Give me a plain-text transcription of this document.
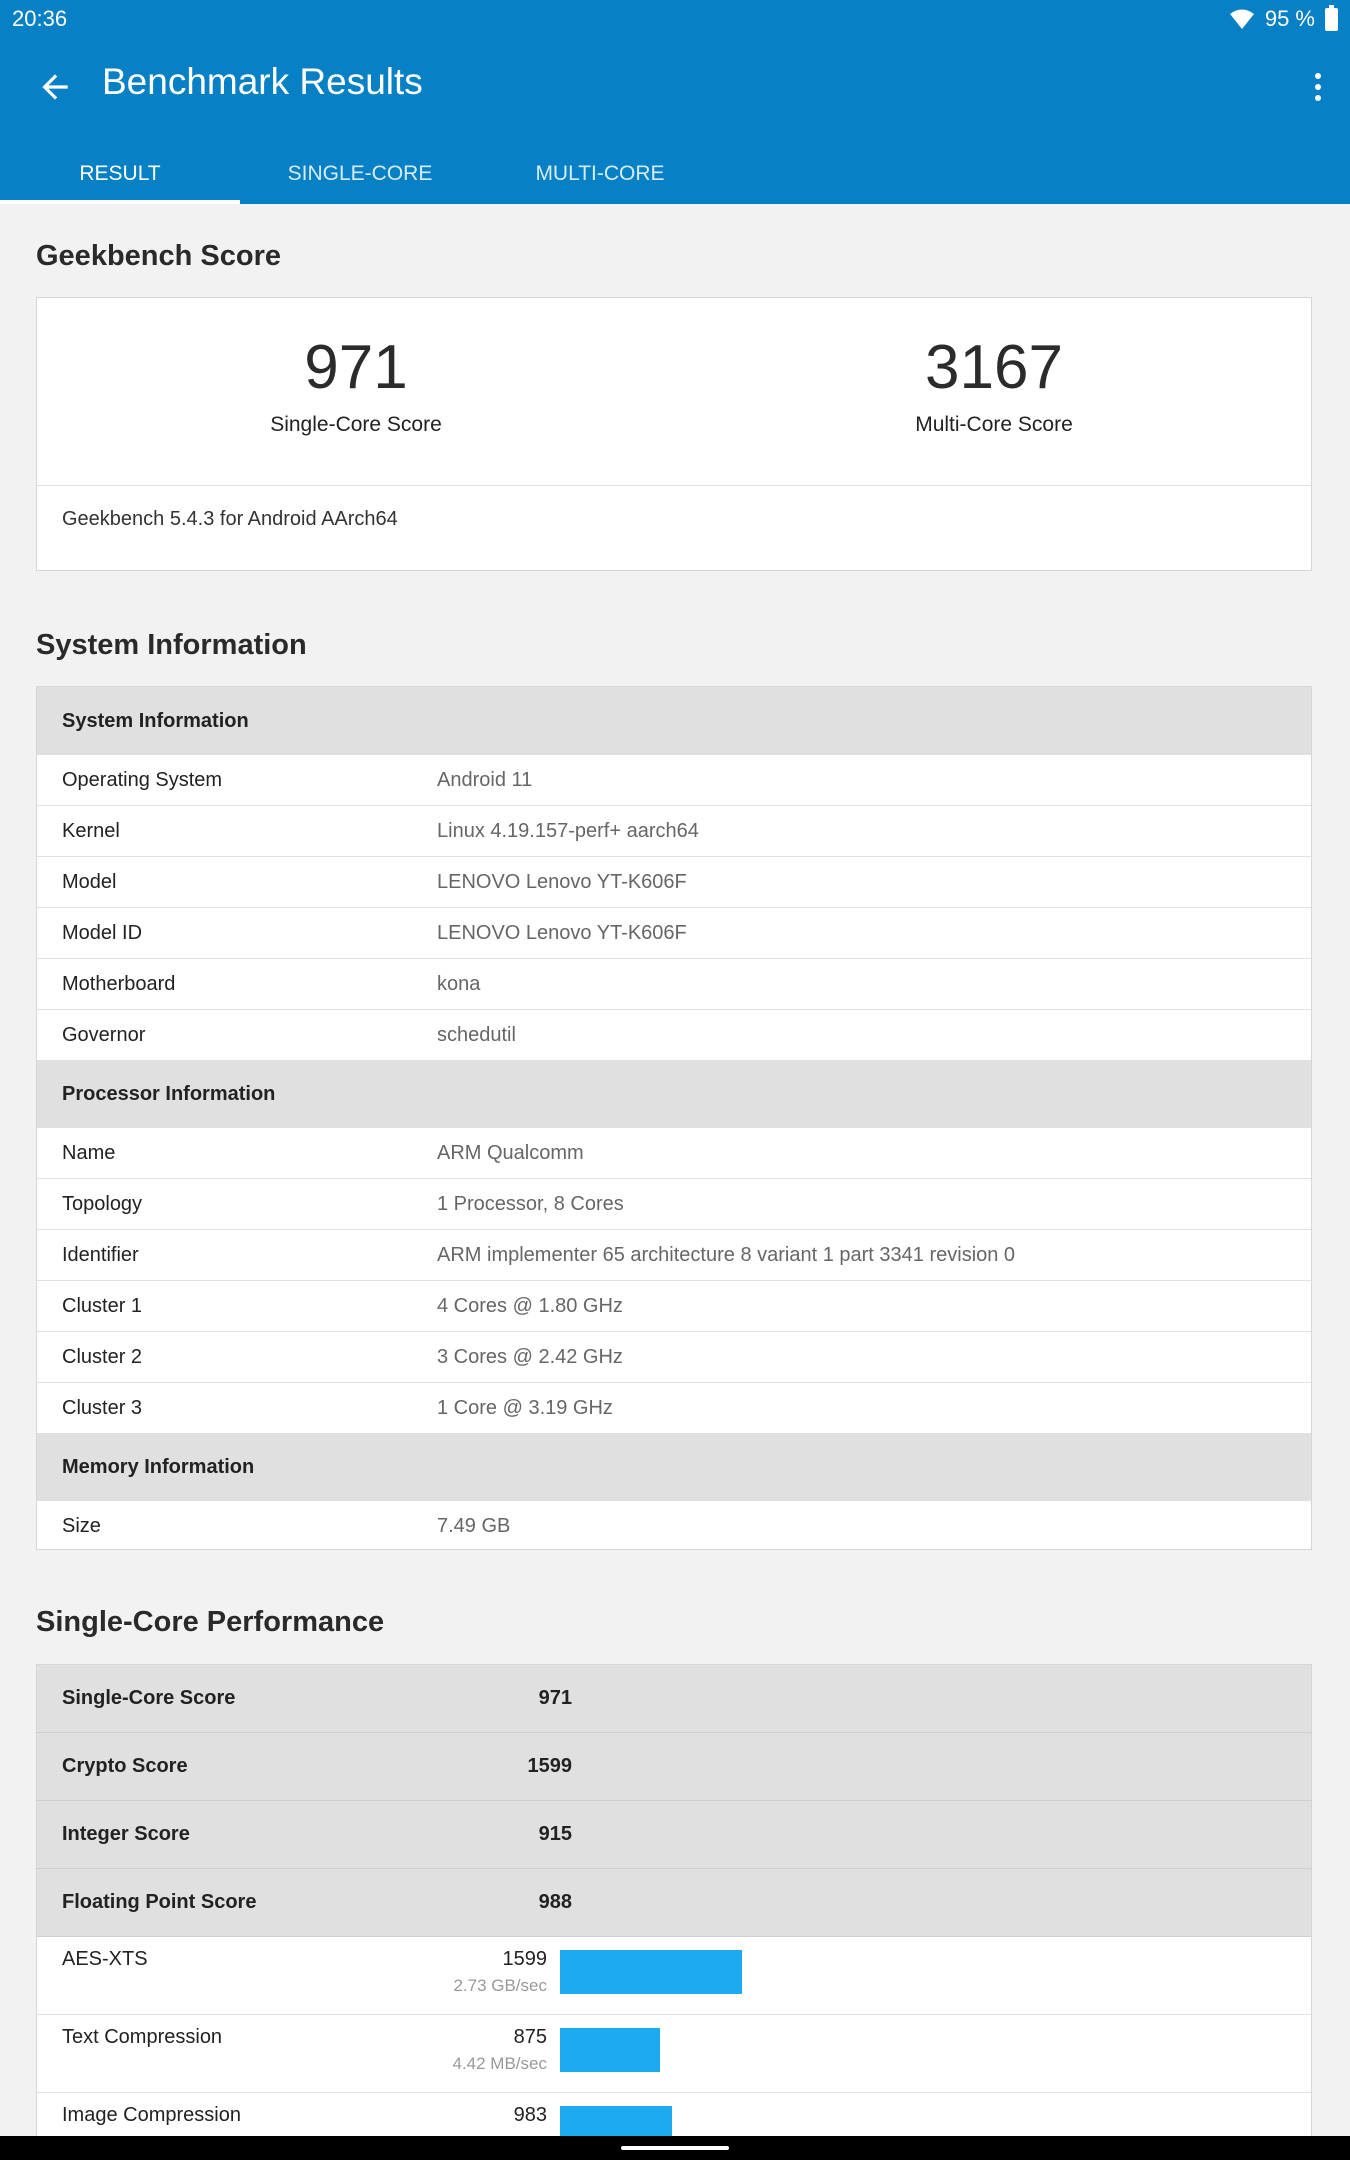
20:36	95 %
Benchmark Results
RESULT	SINGLE-CORE	MULTI-CORE
Geekbench Score
971
Single-Core Score
3167
Multi-Core Score
Geekbench 5.4.3 for Android AArch64
System Information
System Information
Operating System	Android 11
Kernel	Linux 4.19.157-perf+ aarch64
Model	LENOVO Lenovo YT-K606F
Model ID	LENOVO Lenovo YT-K606F
Motherboard	kona
Governor	schedutil
Processor Information
Name	ARM Qualcomm
Topology	1 Processor, 8 Cores
Identifier	ARM implementer 65 architecture 8 variant 1 part 3341 revision 0
Cluster 1	4 Cores @ 1.80 GHz
Cluster 2	3 Cores @ 2.42 GHz
Cluster 3	1 Core @ 3.19 GHz
Memory Information
Size	7.49 GB
Single-Core Performance
Single-Core Score	971
Crypto Score	1599
Integer Score	915
Floating Point Score	988
AES-XTS	1599
2.73 GB/sec
Text Compression	875
4.42 MB/sec
Image Compression	983
